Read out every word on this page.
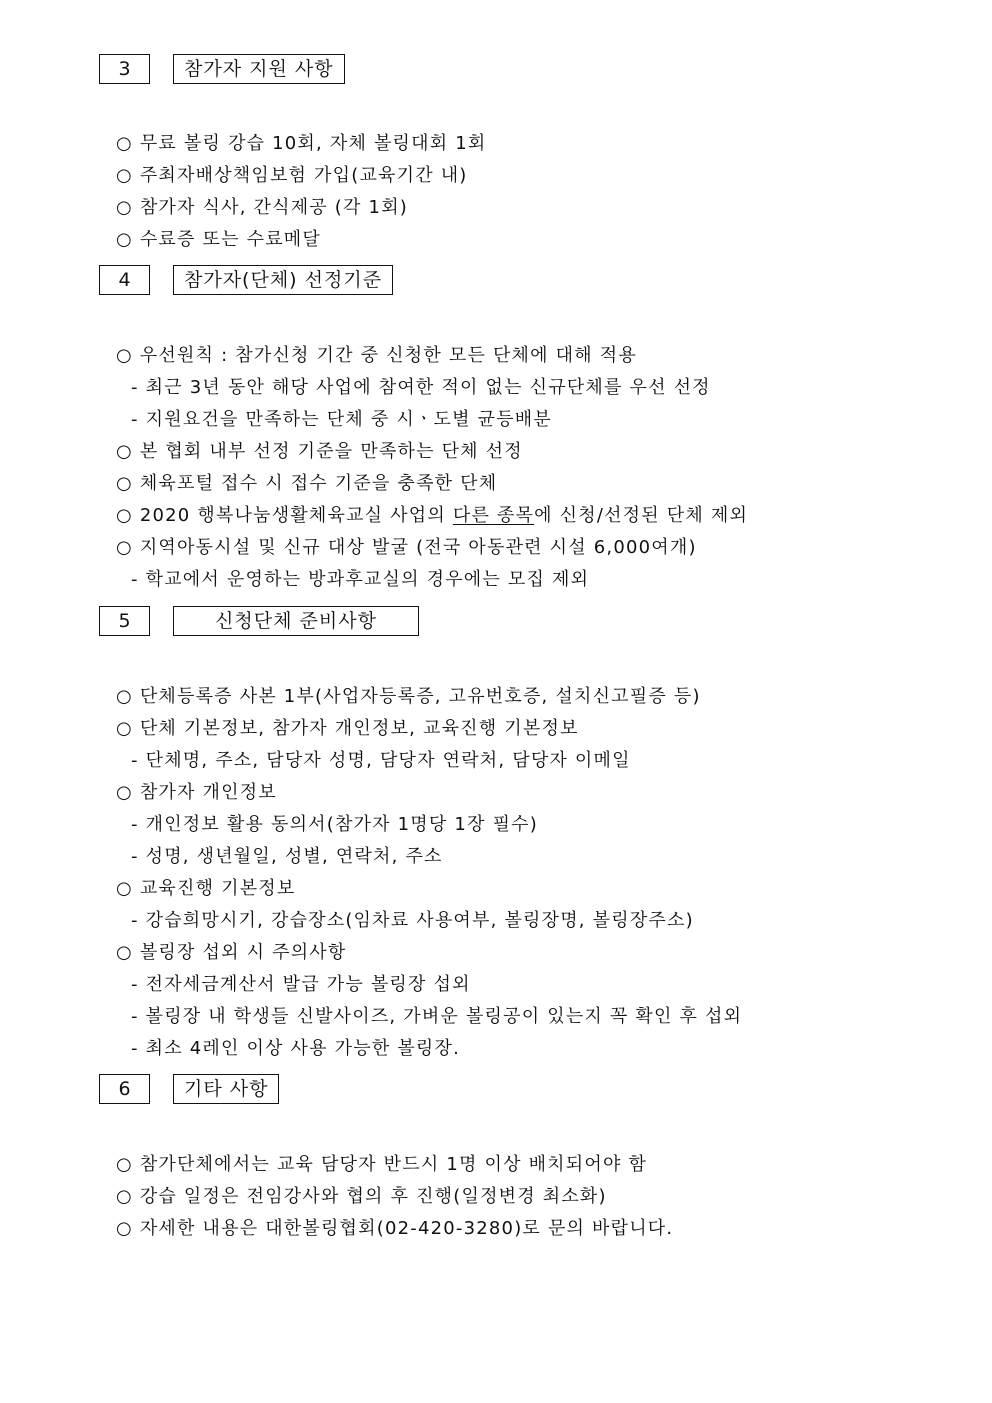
3	참가자 지원 사항
○ 무료 볼링 강습 10회, 자체 볼링대회 1회
○ 주최자배상책임보험 가입(교육기간 내)
○ 참가자 식사, 간식제공 (각 1회)
○ 수료증 또는 수료메달
4	참가자(단체) 선정기준
○ 우선원칙 : 참가신청 기간 중 신청한 모든 단체에 대해 적용
- 최근 3년 동안 해당 사업에 참여한 적이 없는 신규단체를 우선 선정
- 지원요건을 만족하는 단체 중 시ㆍ도별 균등배분
○ 본 협회 내부 선정 기준을 만족하는 단체 선정
○ 체육포털 접수 시 접수 기준을 충족한 단체
○ 2020 행복나눔생활체육교실 사업의 다른 종목에 신청/선정된 단체 제외
○ 지역아동시설 및 신규 대상 발굴 (전국 아동관련 시설 6,000여개)
- 학교에서 운영하는 방과후교실의 경우에는 모집 제외
5	신청단체 준비사항
○ 단체등록증 사본 1부(사업자등록증, 고유번호증, 설치신고필증 등)
○ 단체 기본정보, 참가자 개인정보, 교육진행 기본정보
- 단체명, 주소, 담당자 성명, 담당자 연락처, 담당자 이메일
○ 참가자 개인정보
- 개인정보 활용 동의서(참가자 1명당 1장 필수)
- 성명, 생년월일, 성별, 연락처, 주소
○ 교육진행 기본정보
- 강습희망시기, 강습장소(임차료 사용여부, 볼링장명, 볼링장주소)
○ 볼링장 섭외 시 주의사항
- 전자세금계산서 발급 가능 볼링장 섭외
- 볼링장 내 학생들 신발사이즈, 가벼운 볼링공이 있는지 꼭 확인 후 섭외
- 최소 4레인 이상 사용 가능한 볼링장.
6	기타 사항
○ 참가단체에서는 교육 담당자 반드시 1명 이상 배치되어야 함
○ 강습 일정은 전임강사와 협의 후 진행(일정변경 최소화)
○ 자세한 내용은 대한볼링협회(02-420-3280)로 문의 바랍니다.
